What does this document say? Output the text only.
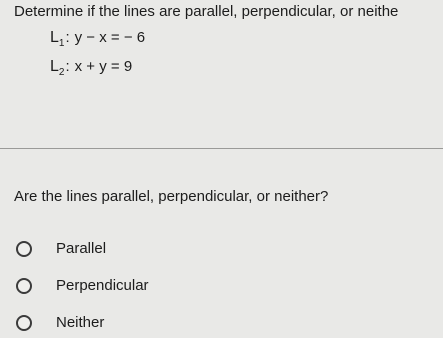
Determine if the lines are parallel, perpendicular, or neithe
$L_1$: y − x = − 6
$L_2$: x + y = 9
Are the lines parallel, perpendicular, or neither?
Parallel
Perpendicular
Neither
